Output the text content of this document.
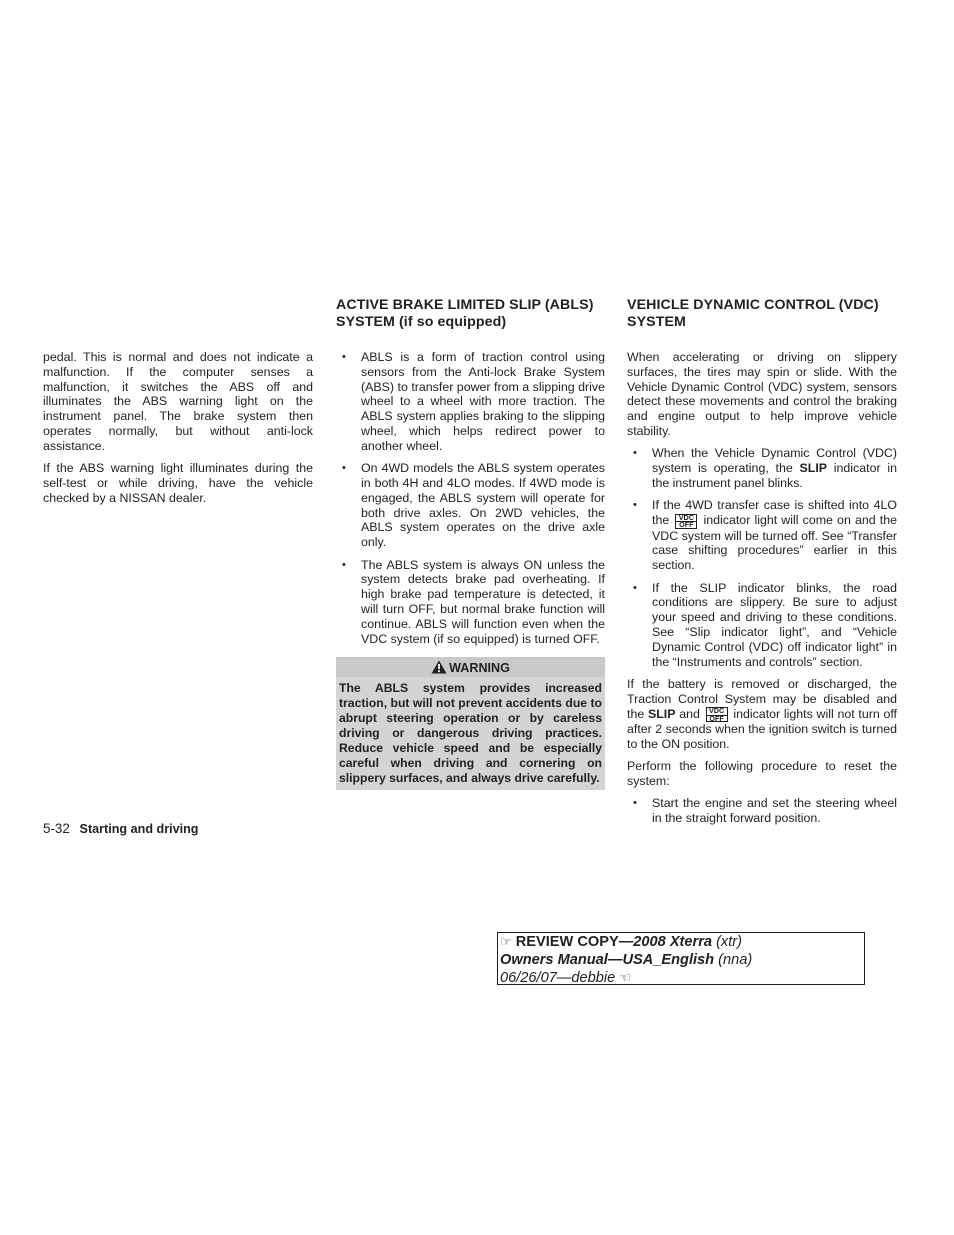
pedal. This is normal and does not indicate a malfunction. If the computer senses a malfunction, it switches the ABS off and illuminates the ABS warning light on the instrument panel. The brake system then operates normally, but without anti-lock assistance.

If the ABS warning light illuminates during the self-test or while driving, have the vehicle checked by a NISSAN dealer.

ACTIVE BRAKE LIMITED SLIP (ABLS)
SYSTEM (if so equipped)
• ABLS is a form of traction control using sensors from the Anti-lock Brake System (ABS) to transfer power from a slipping drive wheel to a wheel with more traction. The ABLS system applies braking to the slipping wheel, which helps redirect power to another wheel.
• On 4WD models the ABLS system operates in both 4H and 4LO modes. If 4WD mode is engaged, the ABLS system will operate for both drive axles. On 2WD vehicles, the ABLS system operates on the drive axle only.
• The ABLS system is always ON unless the system detects brake pad overheating. If high brake pad temperature is detected, it will turn OFF, but normal brake function will continue. ABLS will function even when the VDC system (if so equipped) is turned OFF.
WARNING
The ABLS system provides increased traction, but will not prevent accidents due to abrupt steering operation or by careless driving or dangerous driving practices. Reduce vehicle speed and be especially careful when driving and cornering on slippery surfaces, and always drive carefully.
VEHICLE DYNAMIC CONTROL (VDC)
SYSTEM

When accelerating or driving on slippery surfaces, the tires may spin or slide. With the Vehicle Dynamic Control (VDC) system, sensors detect these movements and control the braking and engine output to help improve vehicle stability.

• When the Vehicle Dynamic Control (VDC) system is operating, the SLIP indicator in the instrument panel blinks.
• If the 4WD transfer case is shifted into 4LO the VDC
OFF indicator light will come on and the VDC system will be turned off. See “Transfer case shifting procedures” earlier in this section.
• If the SLIP indicator blinks, the road conditions are slippery. Be sure to adjust your speed and driving to these conditions. See “Slip indicator light”, and “Vehicle Dynamic Control (VDC) off indicator light” in the “Instruments and controls” section.

If the battery is removed or discharged, the Traction Control System may be disabled and the SLIP and VDC
OFF indicator lights will not turn off after 2 seconds when the ignition switch is turned to the ON position.

Perform the following procedure to reset the system:

• Start the engine and set the steering wheel in the straight forward position.
5-32 Starting and driving
☞ REVIEW COPY—2008 Xterra (xtr)
Owners Manual—USA_English (nna)
06/26/07—debbie ☜
